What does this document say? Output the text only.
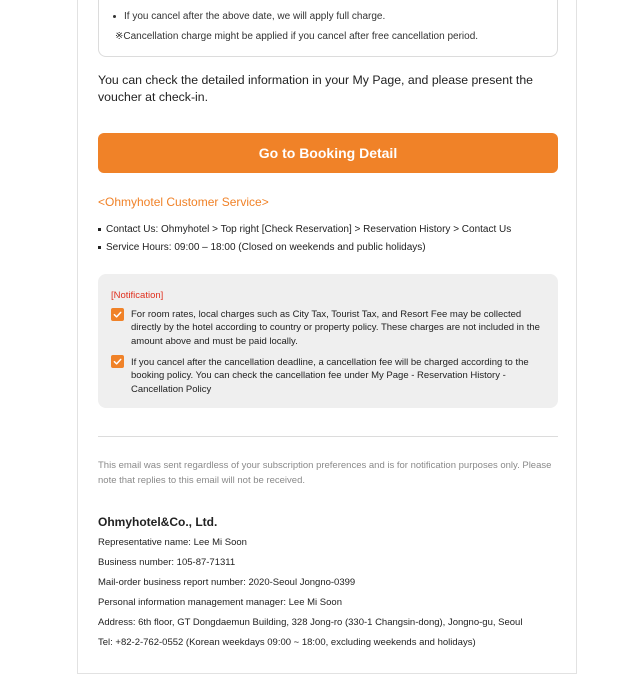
If you cancel after the above date, we will apply full charge.
※Cancellation charge might be applied if you cancel after free cancellation period.
You can check the detailed information in your My Page, and please present the voucher at check-in.
Go to Booking Detail
<Ohmyhotel Customer Service>
Contact Us: Ohmyhotel > Top right [Check Reservation] > Reservation History > Contact Us
Service Hours: 09:00 – 18:00 (Closed on weekends and public holidays)
[Notification]
For room rates, local charges such as City Tax, Tourist Tax, and Resort Fee may be collected directly by the hotel according to country or property policy. These charges are not included in the amount above and must be paid locally.
If you cancel after the cancellation deadline, a cancellation fee will be charged according to the booking policy. You can check the cancellation fee under My Page - Reservation History - Cancellation Policy
This email was sent regardless of your subscription preferences and is for notification purposes only. Please note that replies to this email will not be received.
Ohmyhotel&Co., Ltd.
Representative name: Lee Mi Soon
Business number: 105-87-71311
Mail-order business report number: 2020-Seoul Jongno-0399
Personal information management manager: Lee Mi Soon
Address: 6th floor, GT Dongdaemun Building, 328 Jong-ro (330-1 Changsin-dong), Jongno-gu, Seoul
Tel: +82-2-762-0552 (Korean weekdays 09:00 ~ 18:00, excluding weekends and holidays)
